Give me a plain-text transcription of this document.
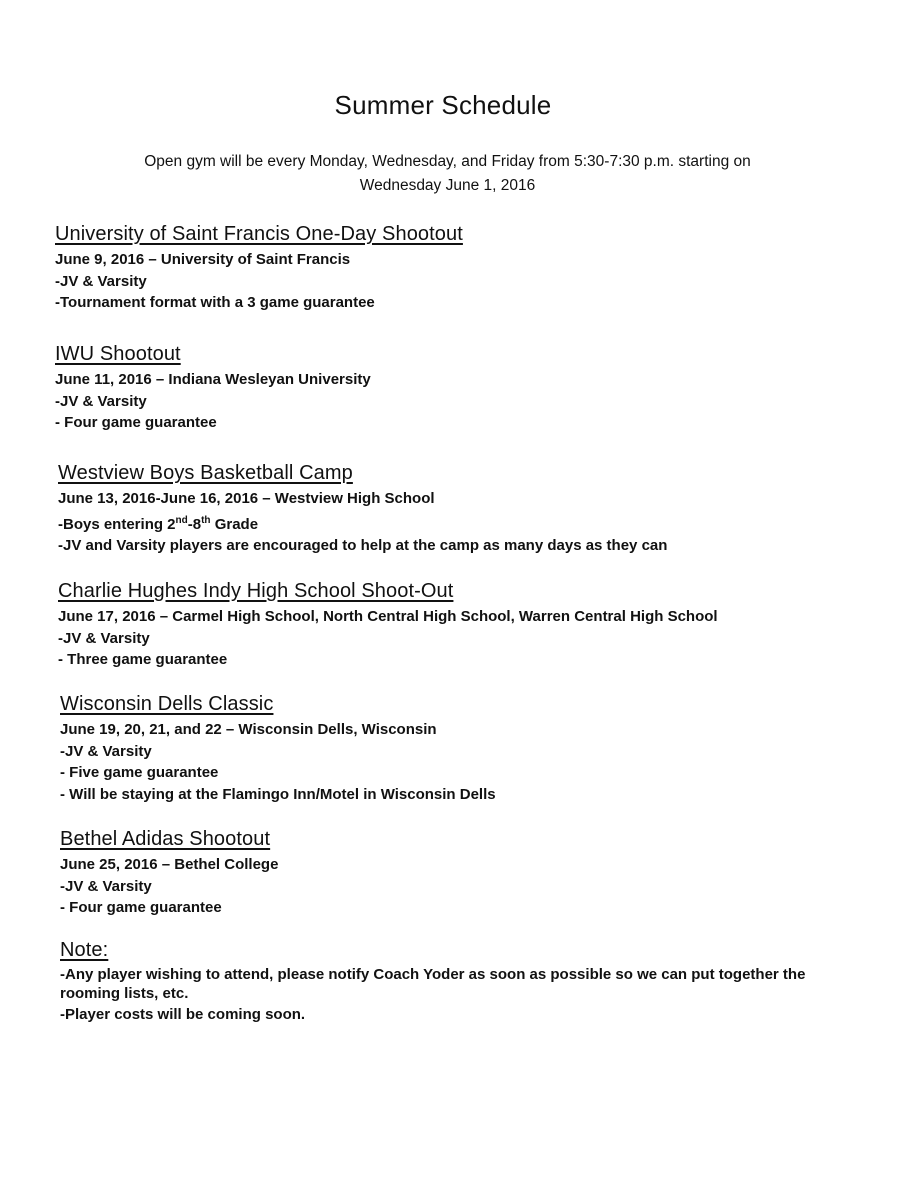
Summer Schedule
Open gym will be every Monday, Wednesday, and Friday from 5:30-7:30 p.m. starting on
Wednesday June 1, 2016
University of Saint Francis One-Day Shootout
June 9, 2016 – University of Saint Francis
-JV & Varsity
-Tournament format with a 3 game guarantee
IWU Shootout
June 11, 2016 – Indiana Wesleyan University
-JV & Varsity
- Four game guarantee
Westview Boys Basketball Camp
June 13, 2016-June 16, 2016 – Westview High School
-Boys entering 2nd-8th Grade
-JV and Varsity players are encouraged to help at the camp as many days as they can
Charlie Hughes Indy High School Shoot-Out
June 17, 2016 – Carmel High School, North Central High School, Warren Central High School
-JV & Varsity
- Three game guarantee
Wisconsin Dells Classic
June 19, 20, 21, and 22 – Wisconsin Dells, Wisconsin
-JV & Varsity
- Five game guarantee
- Will be staying at the Flamingo Inn/Motel in Wisconsin Dells
Bethel Adidas Shootout
June 25, 2016 – Bethel College
-JV & Varsity
- Four game guarantee
Note:
-Any player wishing to attend, please notify Coach Yoder as soon as possible so we can put together the rooming lists, etc.
-Player costs will be coming soon.
